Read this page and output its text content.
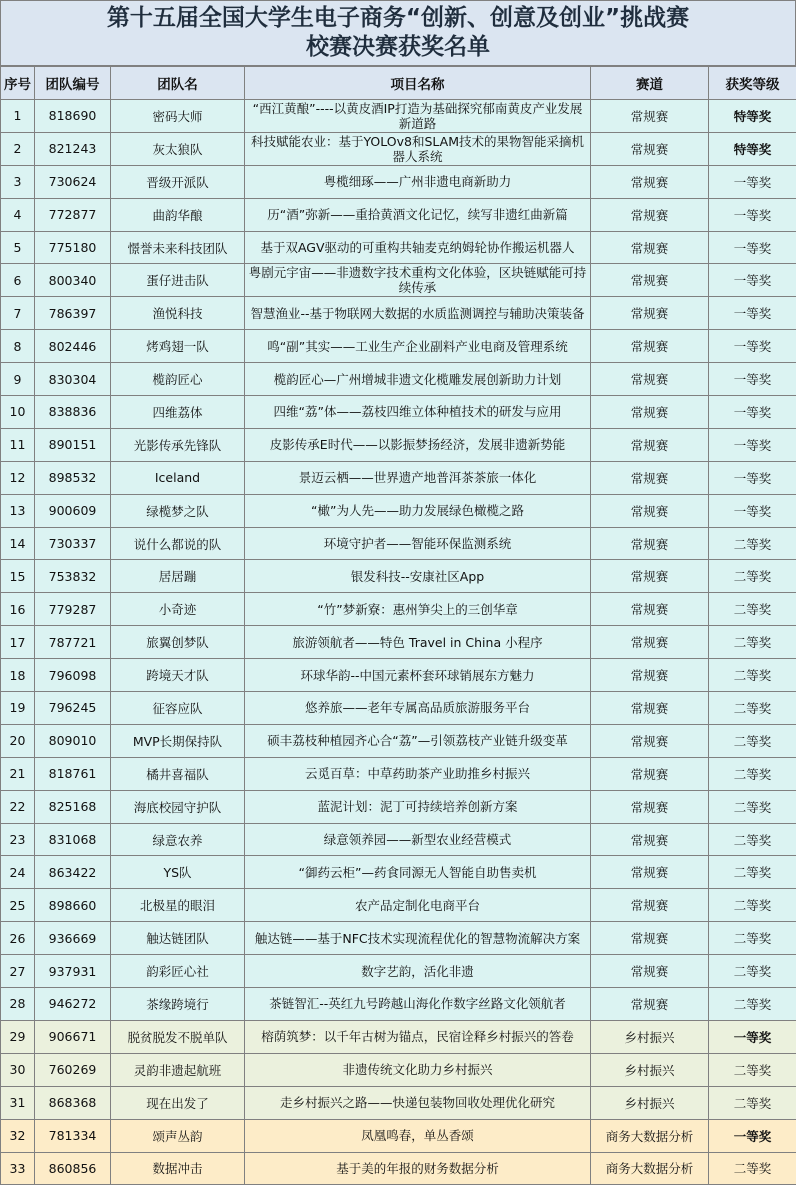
第十五届全国大学生电子商务“创新、创意及创业”挑战赛
校赛决赛获奖名单
序号	团队编号	团队名	项目名称	赛道	获奖等级
1	818690	密码大师	“西江黄酿”----以黄皮酒IP打造为基础探究郁南黄皮产业发展新道路	常规赛	特等奖
2	821243	灰太狼队	科技赋能农业：基于YOLOv8和SLAM技术的果物智能采摘机器人系统	常规赛	特等奖
3	730624	晋级开派队	粤榄细琢——广州非遗电商新助力	常规赛	一等奖
4	772877	曲韵华酿	历“酒”弥新——重拾黄酒文化记忆，续写非遗红曲新篇	常规赛	一等奖
5	775180	憬誉未来科技团队	基于双AGV驱动的可重构共轴麦克纳姆轮协作搬运机器人	常规赛	一等奖
6	800340	蛋仔进击队	粤剧元宇宙——非遗数字技术重构文化体验，区块链赋能可持续传承	常规赛	一等奖
7	786397	渔悦科技	智慧渔业--基于物联网大数据的水质监测调控与辅助决策装备	常规赛	一等奖
8	802446	烤鸡翅一队	鸣“副”其实——工业生产企业副料产业电商及管理系统	常规赛	一等奖
9	830304	榄韵匠心	榄韵匠心—广州增城非遗文化榄雕发展创新助力计划	常规赛	一等奖
10	838836	四维荔体	四维“荔”体——荔枝四维立体种植技术的研发与应用	常规赛	一等奖
11	890151	光影传承先锋队	皮影传承E时代——以影振梦扬经济，发展非遗新势能	常规赛	一等奖
12	898532	Iceland	景迈云栖——世界遗产地普洱茶茶旅一体化	常规赛	一等奖
13	900609	绿榄梦之队	“橄”为人先——助力发展绿色橄榄之路	常规赛	一等奖
14	730337	说什么都说的队	环境守护者——智能环保监测系统	常规赛	二等奖
15	753832	居居蹦	银发科技--安康社区App	常规赛	二等奖
16	779287	小奇迹	“竹”梦新寮：惠州笋尖上的三创华章	常规赛	二等奖
17	787721	旅翼创梦队	旅游领航者——特色 Travel in China 小程序	常规赛	二等奖
18	796098	跨境天才队	环球华韵--中国元素杯套环球销展东方魅力	常规赛	二等奖
19	796245	征容应队	悠养旅——老年专属高品质旅游服务平台	常规赛	二等奖
20	809010	MVP长期保持队	硕丰荔枝种植园齐心合“荔”—引领荔枝产业链升级变革	常规赛	二等奖
21	818761	橘井喜福队	云觅百草：中草药助茶产业助推乡村振兴	常规赛	二等奖
22	825168	海底校园守护队	蓝泥计划：泥丁可持续培养创新方案	常规赛	二等奖
23	831068	绿意农养	绿意领养园——新型农业经营模式	常规赛	二等奖
24	863422	YS队	“御药云柜”—药食同源无人智能自助售卖机	常规赛	二等奖
25	898660	北极星的眼泪	农产品定制化电商平台	常规赛	二等奖
26	936669	触达链团队	触达链——基于NFC技术实现流程优化的智慧物流解决方案	常规赛	二等奖
27	937931	韵彩匠心社	数字艺韵，活化非遗	常规赛	二等奖
28	946272	茶缘跨境行	茶链智汇--英红九号跨越山海化作数字丝路文化领航者	常规赛	二等奖
29	906671	脱贫脱发不脱单队	榕荫筑梦：以千年古树为锚点，民宿诠释乡村振兴的答卷	乡村振兴	一等奖
30	760269	灵韵非遗起航班	非遗传统文化助力乡村振兴	乡村振兴	二等奖
31	868368	现在出发了	走乡村振兴之路——快递包装物回收处理优化研究	乡村振兴	二等奖
32	781334	颂声丛韵	凤凰鸣春，单丛香颂	商务大数据分析	一等奖
33	860856	数据冲击	基于美的年报的财务数据分析	商务大数据分析	二等奖
